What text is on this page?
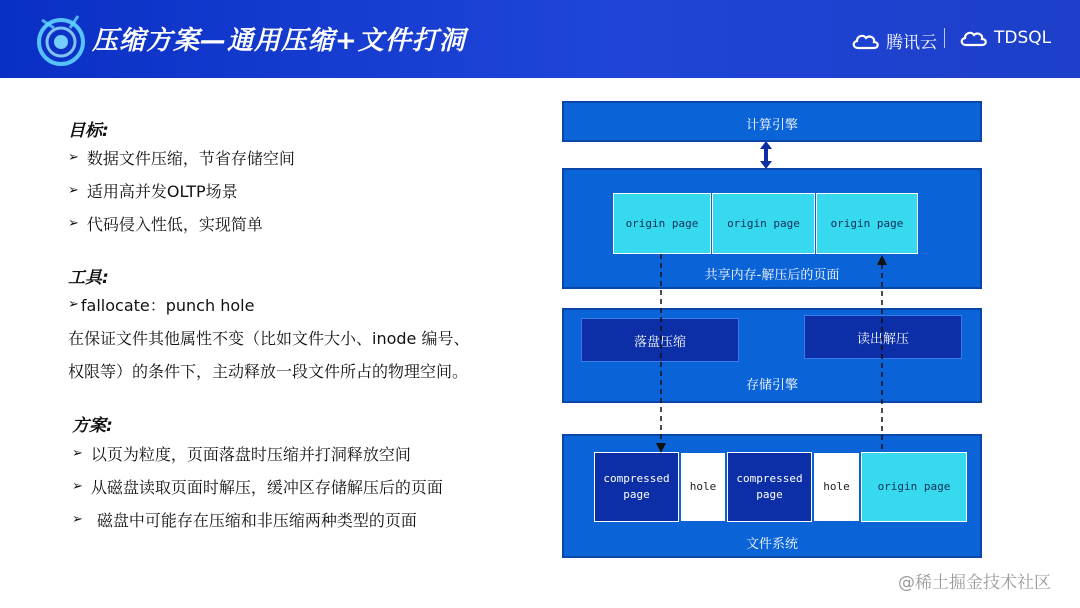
压缩方案—通用压缩+文件打洞	腾讯云	TDSQL
目标:
➢ 数据文件压缩，节省存储空间
➢ 适用高并发OLTP场景
➢ 代码侵入性低，实现简单
工具:
➢ fallocate：punch hole
在保证文件其他属性不变（比如文件大小、inode 编号、
权限等）的条件下，主动释放一段文件所占的物理空间。
方案:
➢ 以页为粒度，页面落盘时压缩并打洞释放空间
➢ 从磁盘读取页面时解压，缓冲区存储解压后的页面
➢ 磁盘中可能存在压缩和非压缩两种类型的页面
计算引擎
共享内存-解压后的页面
origin page	origin page	origin page
存储引擎
落盘压缩	读出解压
文件系统
compressed page
hole
compressed page
hole	origin page
@稀土掘金技术社区
